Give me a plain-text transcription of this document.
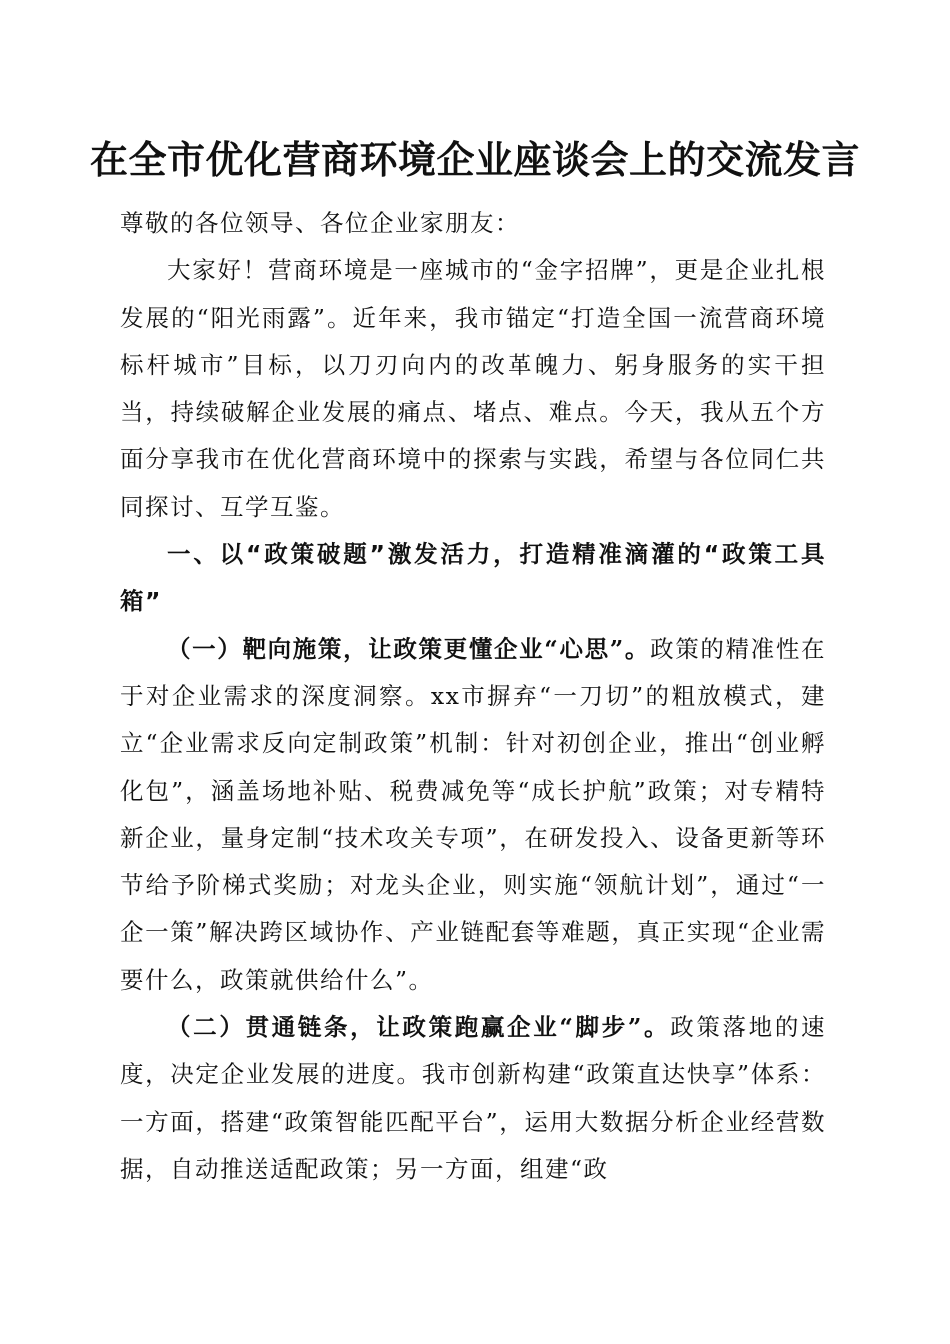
在全市优化营商环境企业座谈会上的交流发言

尊敬的各位领导、各位企业家朋友：

大家好！营商环境是一座城市的“金字招牌”，更是企业扎根发展的“阳光雨露”。近年来，我市锚定“打造全国一流营商环境标杆城市”目标，以刀刃向内的改革魄力、躬身服务的实干担当，持续破解企业发展的痛点、堵点、难点。今天，我从五个方面分享我市在优化营商环境中的探索与实践，希望与各位同仁共同探讨、互学互鉴。

一、以“政策破题”激发活力，打造精准滴灌的“政策工具箱”

（一）靶向施策，让政策更懂企业“心思”。政策的精准性在于对企业需求的深度洞察。xx市摒弃“一刀切”的粗放模式，建立“企业需求反向定制政策”机制：针对初创企业，推出“创业孵化包”，涵盖场地补贴、税费减免等“成长护航”政策；对专精特新企业，量身定制“技术攻关专项”，在研发投入、设备更新等环节给予阶梯式奖励；对龙头企业，则实施“领航计划”，通过“一企一策”解决跨区域协作、产业链配套等难题，真正实现“企业需要什么，政策就供给什么”。

（二）贯通链条，让政策跑赢企业“脚步”。政策落地的速度，决定企业发展的进度。我市创新构建“政策直达快享”体系：一方面，搭建“政策智能匹配平台”，运用大数据分析企业经营数据，自动推送适配政策；另一方面，组建“政
